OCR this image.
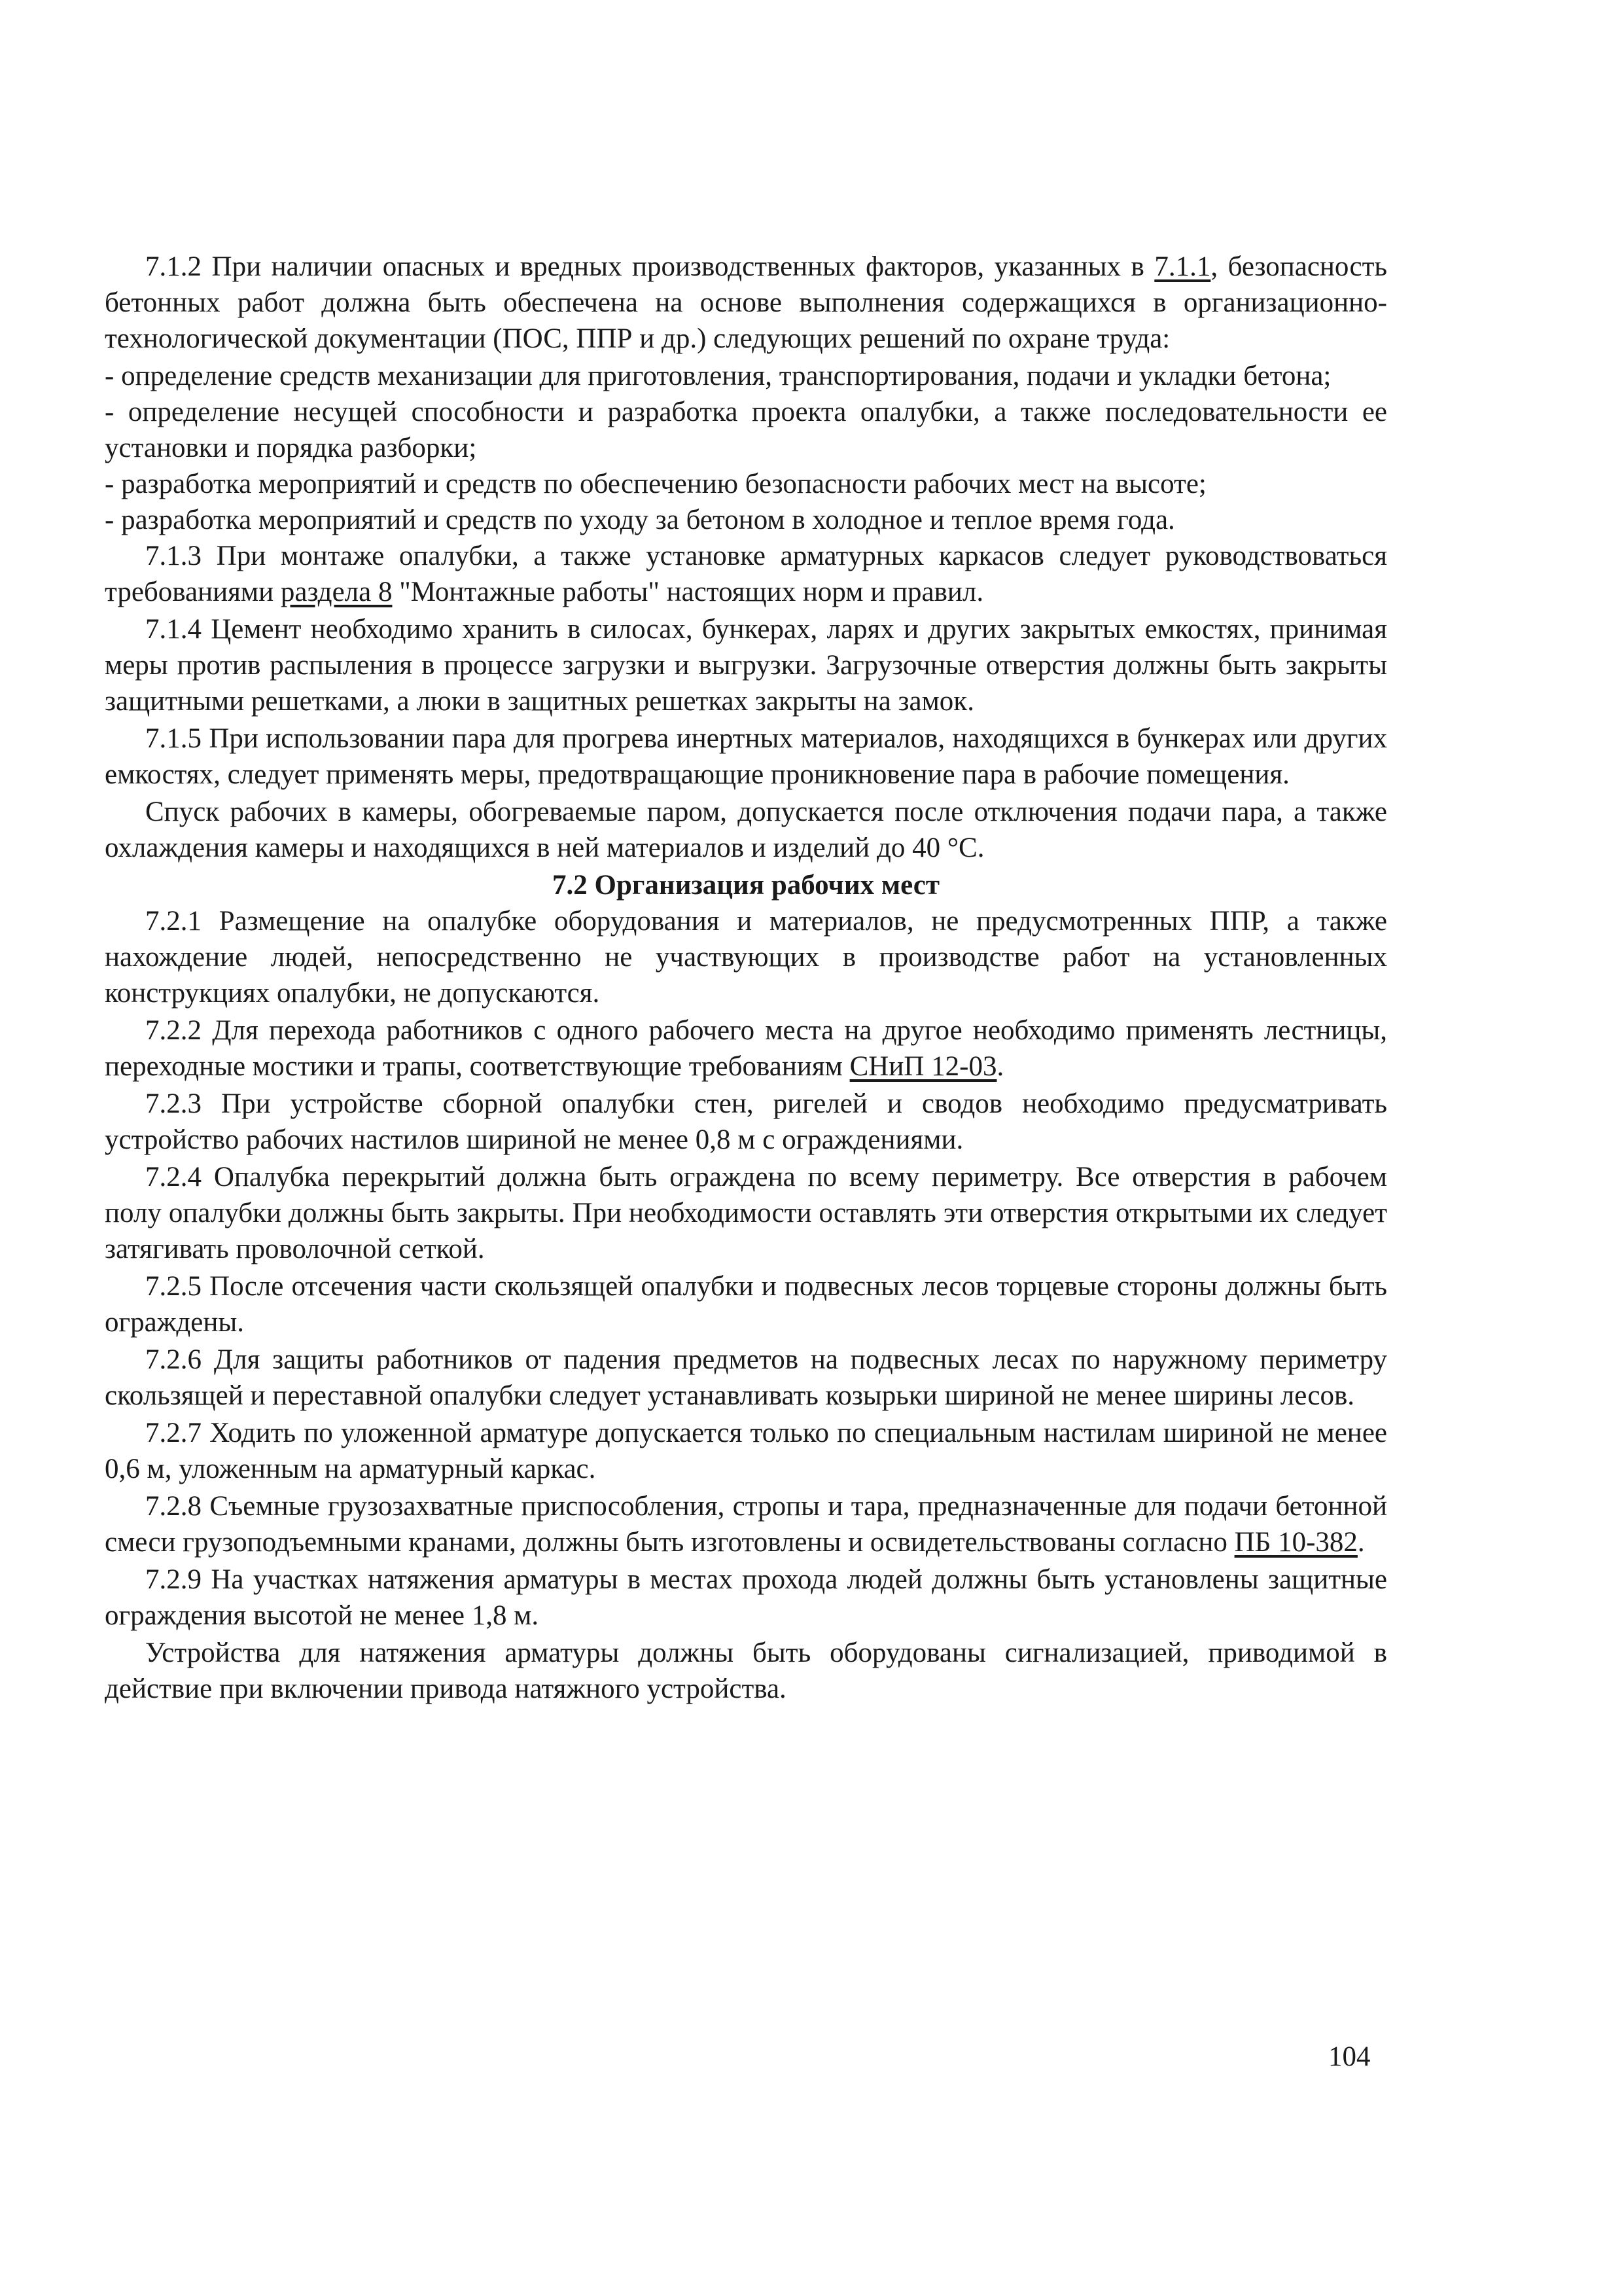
7.1.2 При наличии опасных и вредных производственных факторов, указанных в 7.1.1, безопасность бетонных работ должна быть обеспечена на основе выполнения содержащихся в организационно-технологической документации (ПОС, ППР и др.) следующих решений по охране труда:

- определение средств механизации для приготовления, транспортирования, подачи и укладки бетона;

- определение несущей способности и разработка проекта опалубки, а также последовательности ее установки и порядка разборки;

- разработка мероприятий и средств по обеспечению безопасности рабочих мест на высоте;

- разработка мероприятий и средств по уходу за бетоном в холодное и теплое время года.

7.1.3 При монтаже опалубки, а также установке арматурных каркасов следует руководствоваться требованиями раздела 8 "Монтажные работы" настоящих норм и правил.

7.1.4 Цемент необходимо хранить в силосах, бункерах, ларях и других закрытых емкостях, принимая меры против распыления в процессе загрузки и выгрузки. Загрузочные отверстия должны быть закрыты защитными решетками, а люки в защитных решетках закрыты на замок.

7.1.5 При использовании пара для прогрева инертных материалов, находящихся в бункерах или других емкостях, следует применять меры, предотвращающие проникновение пара в рабочие помещения.

Спуск рабочих в камеры, обогреваемые паром, допускается после отключения подачи пара, а также охлаждения камеры и находящихся в ней материалов и изделий до 40 °С.

7.2 Организация рабочих мест

7.2.1 Размещение на опалубке оборудования и материалов, не предусмотренных ППР, а также нахождение людей, непосредственно не участвующих в производстве работ на установленных конструкциях опалубки, не допускаются.

7.2.2 Для перехода работников с одного рабочего места на другое необходимо применять лестницы, переходные мостики и трапы, соответствующие требованиям СНиП 12-03.

7.2.3 При устройстве сборной опалубки стен, ригелей и сводов необходимо предусматривать устройство рабочих настилов шириной не менее 0,8 м с ограждениями.

7.2.4 Опалубка перекрытий должна быть ограждена по всему периметру. Все отверстия в рабочем полу опалубки должны быть закрыты. При необходимости оставлять эти отверстия открытыми их следует затягивать проволочной сеткой.

7.2.5 После отсечения части скользящей опалубки и подвесных лесов торцевые стороны должны быть ограждены.

7.2.6 Для защиты работников от падения предметов на подвесных лесах по наружному периметру скользящей и переставной опалубки следует устанавливать козырьки шириной не менее ширины лесов.

7.2.7 Ходить по уложенной арматуре допускается только по специальным настилам шириной не менее 0,6 м, уложенным на арматурный каркас.

7.2.8 Съемные грузозахватные приспособления, стропы и тара, предназначенные для подачи бетонной смеси грузоподъемными кранами, должны быть изготовлены и освидетельствованы согласно ПБ 10-382.

7.2.9 На участках натяжения арматуры в местах прохода людей должны быть установлены защитные ограждения высотой не менее 1,8 м.

Устройства для натяжения арматуры должны быть оборудованы сигнализацией, приводимой в действие при включении привода натяжного устройства.

104
